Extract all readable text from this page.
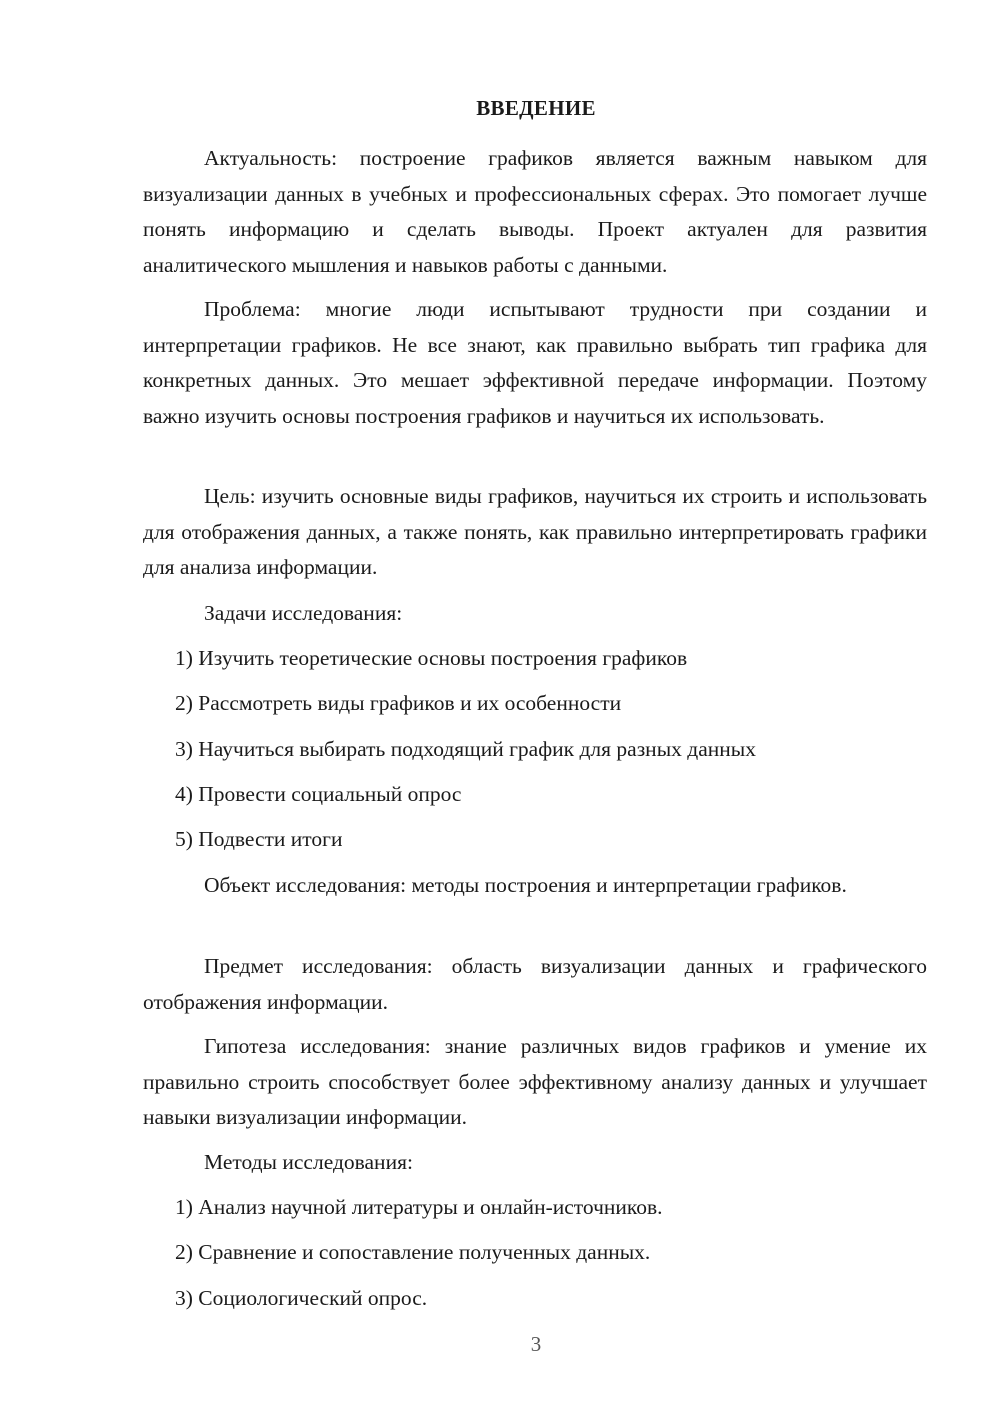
ВВЕДЕНИЕ

Актуальность: построение графиков является важным навыком для визуализации данных в учебных и профессиональных сферах. Это помогает лучше понять информацию и сделать выводы. Проект актуален для развития аналитического мышления и навыков работы с данными.

Проблема: многие люди испытывают трудности при создании и интерпретации графиков. Не все знают, как правильно выбрать тип графика для конкретных данных. Это мешает эффективной передаче информации. Поэтому важно изучить основы построения графиков и научиться их использовать.

Цель: изучить основные виды графиков, научиться их строить и использовать для отображения данных, а также понять, как правильно интерпретировать графики для анализа информации.

Задачи исследования:

1) Изучить теоретические основы построения графиков

2) Рассмотреть виды графиков и их особенности

3) Научиться выбирать подходящий график для разных данных

4) Провести социальный опрос

5) Подвести итоги

Объект исследования: методы построения и интерпретации графиков.

Предмет исследования: область визуализации данных и графического отображения информации.

Гипотеза исследования: знание различных видов графиков и умение их правильно строить способствует более эффективному анализу данных и улучшает навыки визуализации информации.

Методы исследования:

1) Анализ научной литературы и онлайн-источников.

2) Сравнение и сопоставление полученных данных.

3) Социологический опрос.

3
